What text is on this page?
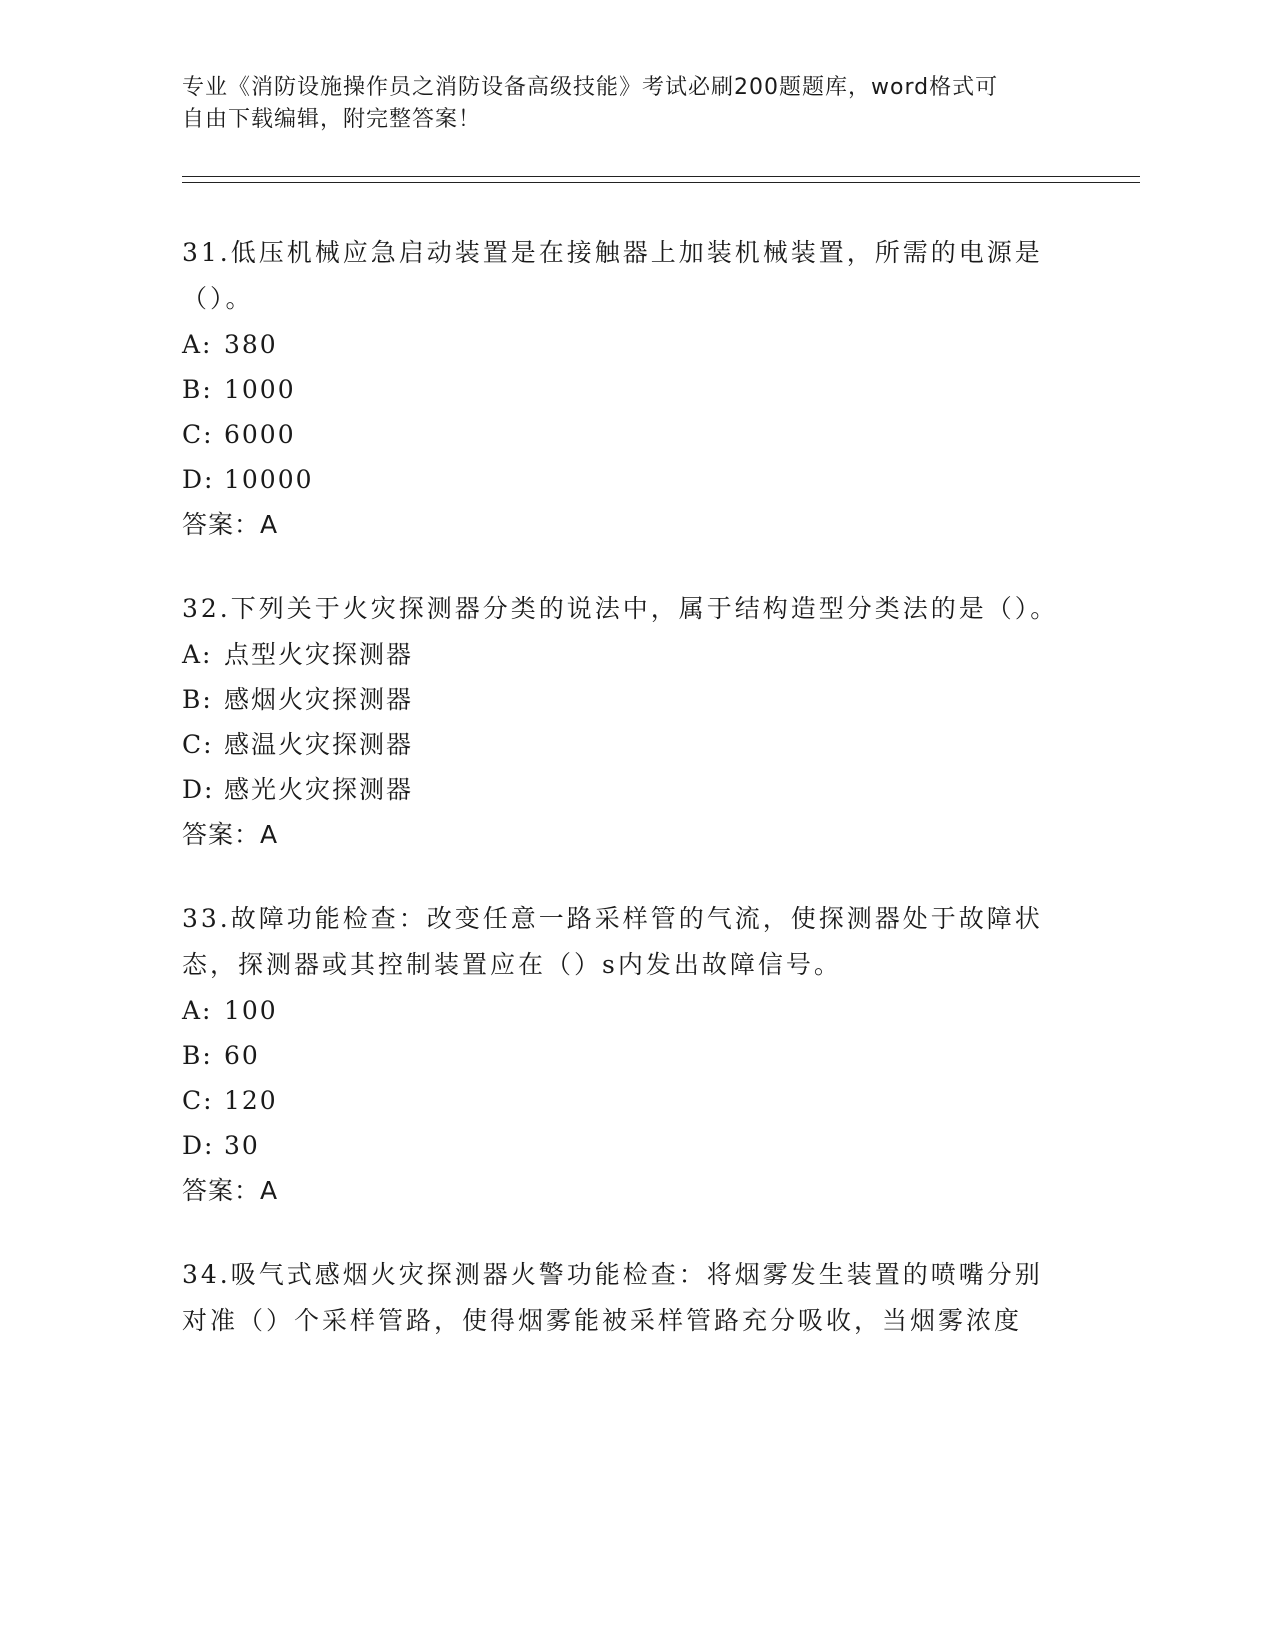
专业《消防设施操作员之消防设备高级技能》考试必刷200题题库，word格式可
自由下载编辑，附完整答案！

31.低压机械应急启动装置是在接触器上加装机械装置，所需的电源是（）。

A: 380

B: 1000

C: 6000

D: 10000

答案：A

32.下列关于火灾探测器分类的说法中，属于结构造型分类法的是（）。

A: 点型火灾探测器

B: 感烟火灾探测器

C: 感温火灾探测器

D: 感光火灾探测器

答案：A

33.故障功能检查：改变任意一路采样管的气流，使探测器处于故障状态，探测器或其控制装置应在（）s内发出故障信号。

A: 100

B: 60

C: 120

D: 30

答案：A

34.吸气式感烟火灾探测器火警功能检查：将烟雾发生装置的喷嘴分别对准（）个采样管路，使得烟雾能被采样管路充分吸收，当烟雾浓度
